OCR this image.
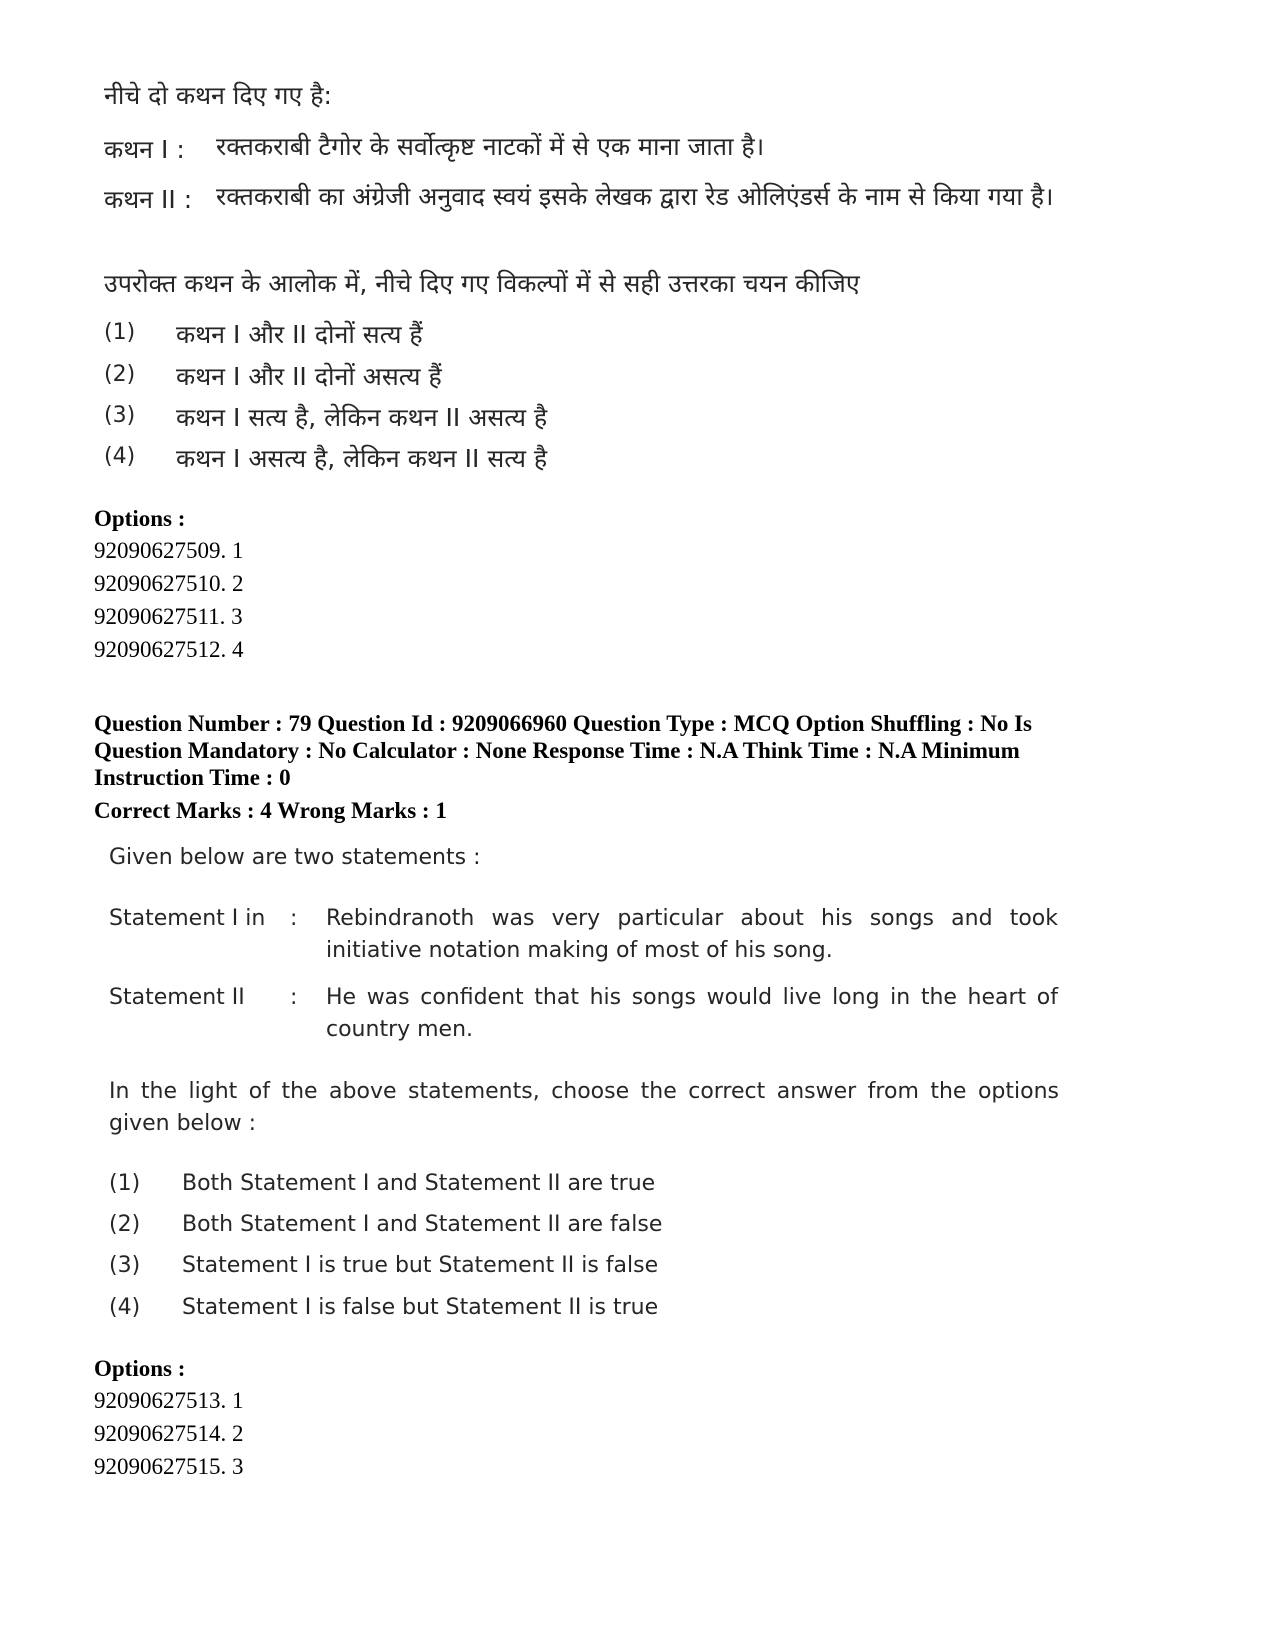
नीचे दो कथन दिए गए है:
कथन I : रक्तकराबी टैगोर के सर्वोत्कृष्ट नाटकों में से एक माना जाता है।
कथन II : रक्तकराबी का अंग्रेजी अनुवाद स्वयं इसके लेखक द्वारा रेड ओलिएंडर्स के नाम से किया गया है।
उपरोक्त कथन के आलोक में, नीचे दिए गए विकल्पों में से सही उत्तरका चयन कीजिए
(1) कथन I और II दोनों सत्य हैं
(2) कथन I और II दोनों असत्य हैं
(3) कथन I सत्य है, लेकिन कथन II असत्य है
(4) कथन I असत्य है, लेकिन कथन II सत्य है
Options :
92090627509. 1
92090627510. 2
92090627511. 3
92090627512. 4
Question Number : 79 Question Id : 9209066960 Question Type : MCQ Option Shuffling : No Is
Question Mandatory : No Calculator : None Response Time : N.A Think Time : N.A Minimum
Instruction Time : 0
Correct Marks : 4 Wrong Marks : 1
Given below are two statements :
Statement I in : Rebindranoth was very particular about his songs and took initiative notation making of most of his song.
Statement II	: He was confident that his songs would live long in the heart of country men.
In the light of the above statements, choose the correct answer from the options given below :
(1) Both Statement I and Statement II are true
(2) Both Statement I and Statement II are false
(3) Statement I is true but Statement II is false
(4) Statement I is false but Statement II is true
Options :
92090627513. 1
92090627514. 2
92090627515. 3
